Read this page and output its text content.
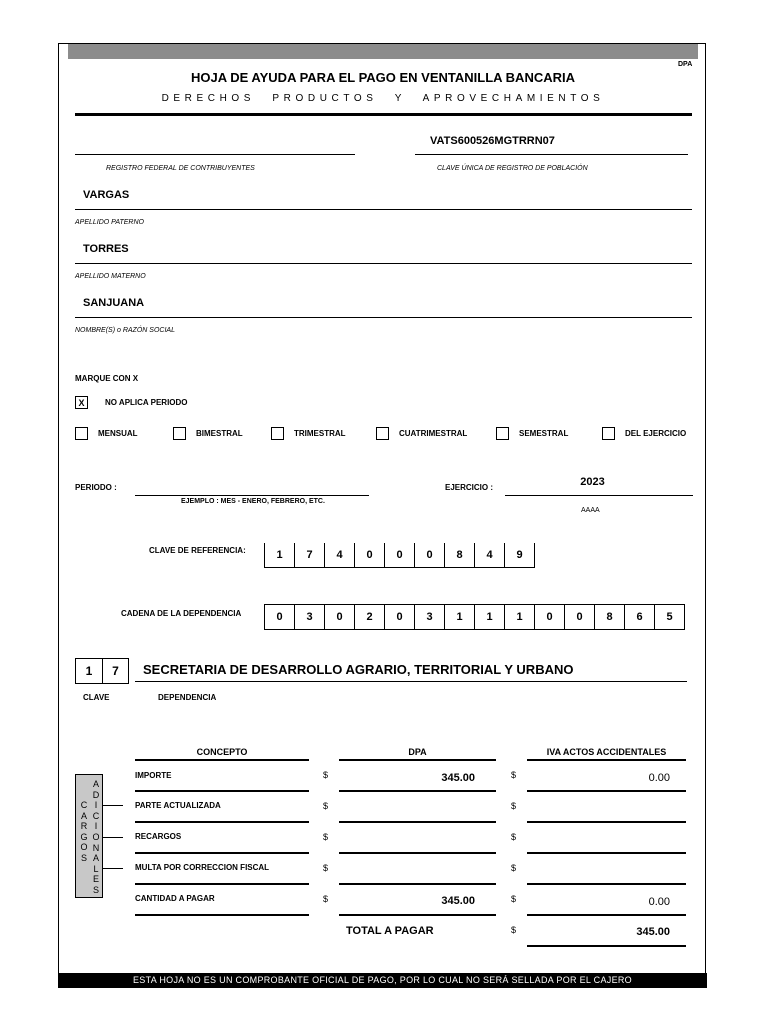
DPA
HOJA DE AYUDA PARA EL PAGO EN VENTANILLA BANCARIA
DERECHOS PRODUCTOS Y APROVECHAMIENTOS
REGISTRO FEDERAL DE CONTRIBUYENTES
VATS600526MGTRRN07
CLAVE ÚNICA DE REGISTRO DE POBLACIÓN
VARGAS
APELLIDO PATERNO
TORRES
APELLIDO MATERNO
SANJUANA
NOMBRE(S) o RAZÓN SOCIAL
MARQUE CON X
X	NO APLICA PERIODO
MENSUAL	BIMESTRAL	TRIMESTRAL	CUATRIMESTRAL	SEMESTRAL	DEL EJERCICIO
PERIODO :
EJEMPLO : MES - ENERO, FEBRERO, ETC.
EJERCICIO :	2023
AAAA
CLAVE DE REFERENCIA:	1	7	4	0	0	0	8	4	9
CADENA DE LA DEPENDENCIA	0	3	0	2	0	3	1	1	1	0	0	8	6	5
1	7	SECRETARIA DE DESARROLLO AGRARIO, TERRITORIAL Y URBANO
CLAVE	DEPENDENCIA
CONCEPTO	DPA	IVA ACTOS ACCIDENTALES
C
A
R
G
O
S
A
D
I
C
I
O
N
A
L
E
S
IMPORTE	$	345.00	$	0.00
PARTE ACTUALIZADA	$	$
RECARGOS	$	$
MULTA POR CORRECCION FISCAL	$	$
CANTIDAD A PAGAR	$	345.00	$	0.00
TOTAL A PAGAR	$	345.00
ESTA HOJA NO ES UN COMPROBANTE OFICIAL DE PAGO, POR LO CUAL NO SERÁ SELLADA POR EL CAJERO
